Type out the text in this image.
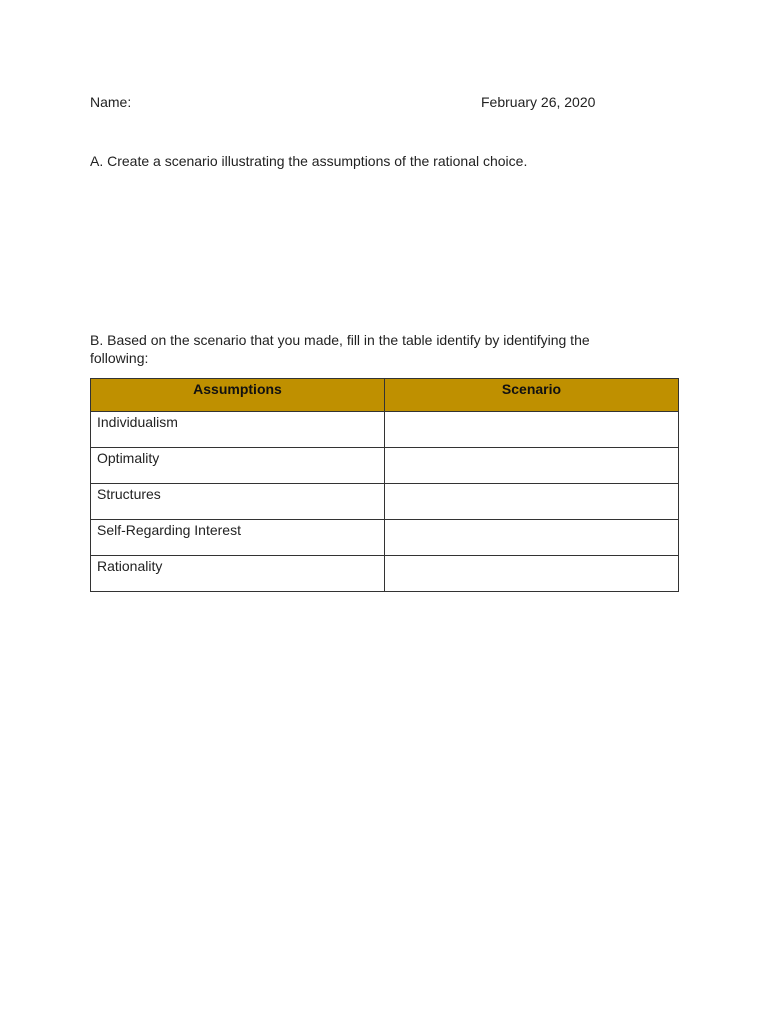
Name:	February 26, 2020
A. Create a scenario illustrating the assumptions of the rational choice.
B. Based on the scenario that you made, fill in the table identify by identifying the following:
Assumptions	Scenario
Individualism	
Optimality	
Structures	
Self-Regarding Interest	
Rationality	
